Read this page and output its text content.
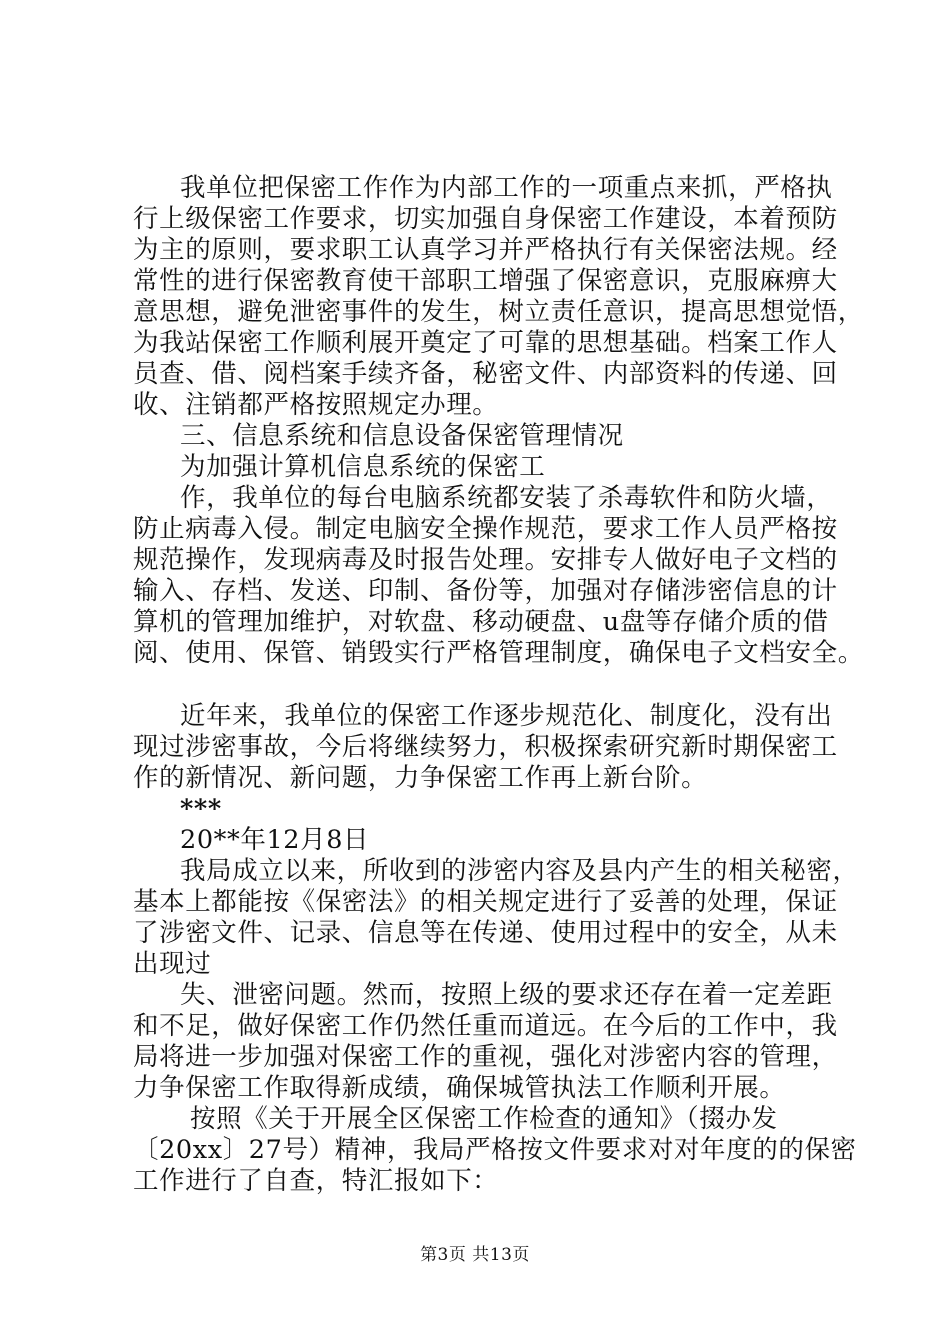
我单位把保密工作作为内部工作的一项重点来抓，严格执
行上级保密工作要求，切实加强自身保密工作建设，本着预防
为主的原则，要求职工认真学习并严格执行有关保密法规。经
常性的进行保密教育使干部职工增强了保密意识，克服麻痹大
意思想，避免泄密事件的发生，树立责任意识，提高思想觉悟，
为我站保密工作顺利展开奠定了可靠的思想基础。档案工作人
员查、借、阅档案手续齐备，秘密文件、内部资料的传递、回
收、注销都严格按照规定办理。
三、信息系统和信息设备保密管理情况
为加强计算机信息系统的保密工
作，我单位的每台电脑系统都安装了杀毒软件和防火墙，
防止病毒入侵。制定电脑安全操作规范，要求工作人员严格按
规范操作，发现病毒及时报告处理。安排专人做好电子文档的
输入、存档、发送、印制、备份等，加强对存储涉密信息的计
算机的管理加维护，对软盘、移动硬盘、u盘等存储介质的借
阅、使用、保管、销毁实行严格管理制度，确保电子文档安全。
近年来，我单位的保密工作逐步规范化、制度化，没有出
现过涉密事故，今后将继续努力，积极探索研究新时期保密工
作的新情况、新问题，力争保密工作再上新台阶。
***
20**年12月8日
我局成立以来，所收到的涉密内容及县内产生的相关秘密，
基本上都能按《保密法》的相关规定进行了妥善的处理，保证
了涉密文件、记录、信息等在传递、使用过程中的安全，从未
出现过
失、泄密问题。然而，按照上级的要求还存在着一定差距
和不足，做好保密工作仍然任重而道远。在今后的工作中，我
局将进一步加强对保密工作的重视，强化对涉密内容的管理，
力争保密工作取得新成绩，确保城管执法工作顺利开展。
按照《关于开展全区保密工作检查的通知》（掇办发
〔20xx〕27号）精神，我局严格按文件要求对对年度的的保密
工作进行了自查，特汇报如下：
第3页 共13页
